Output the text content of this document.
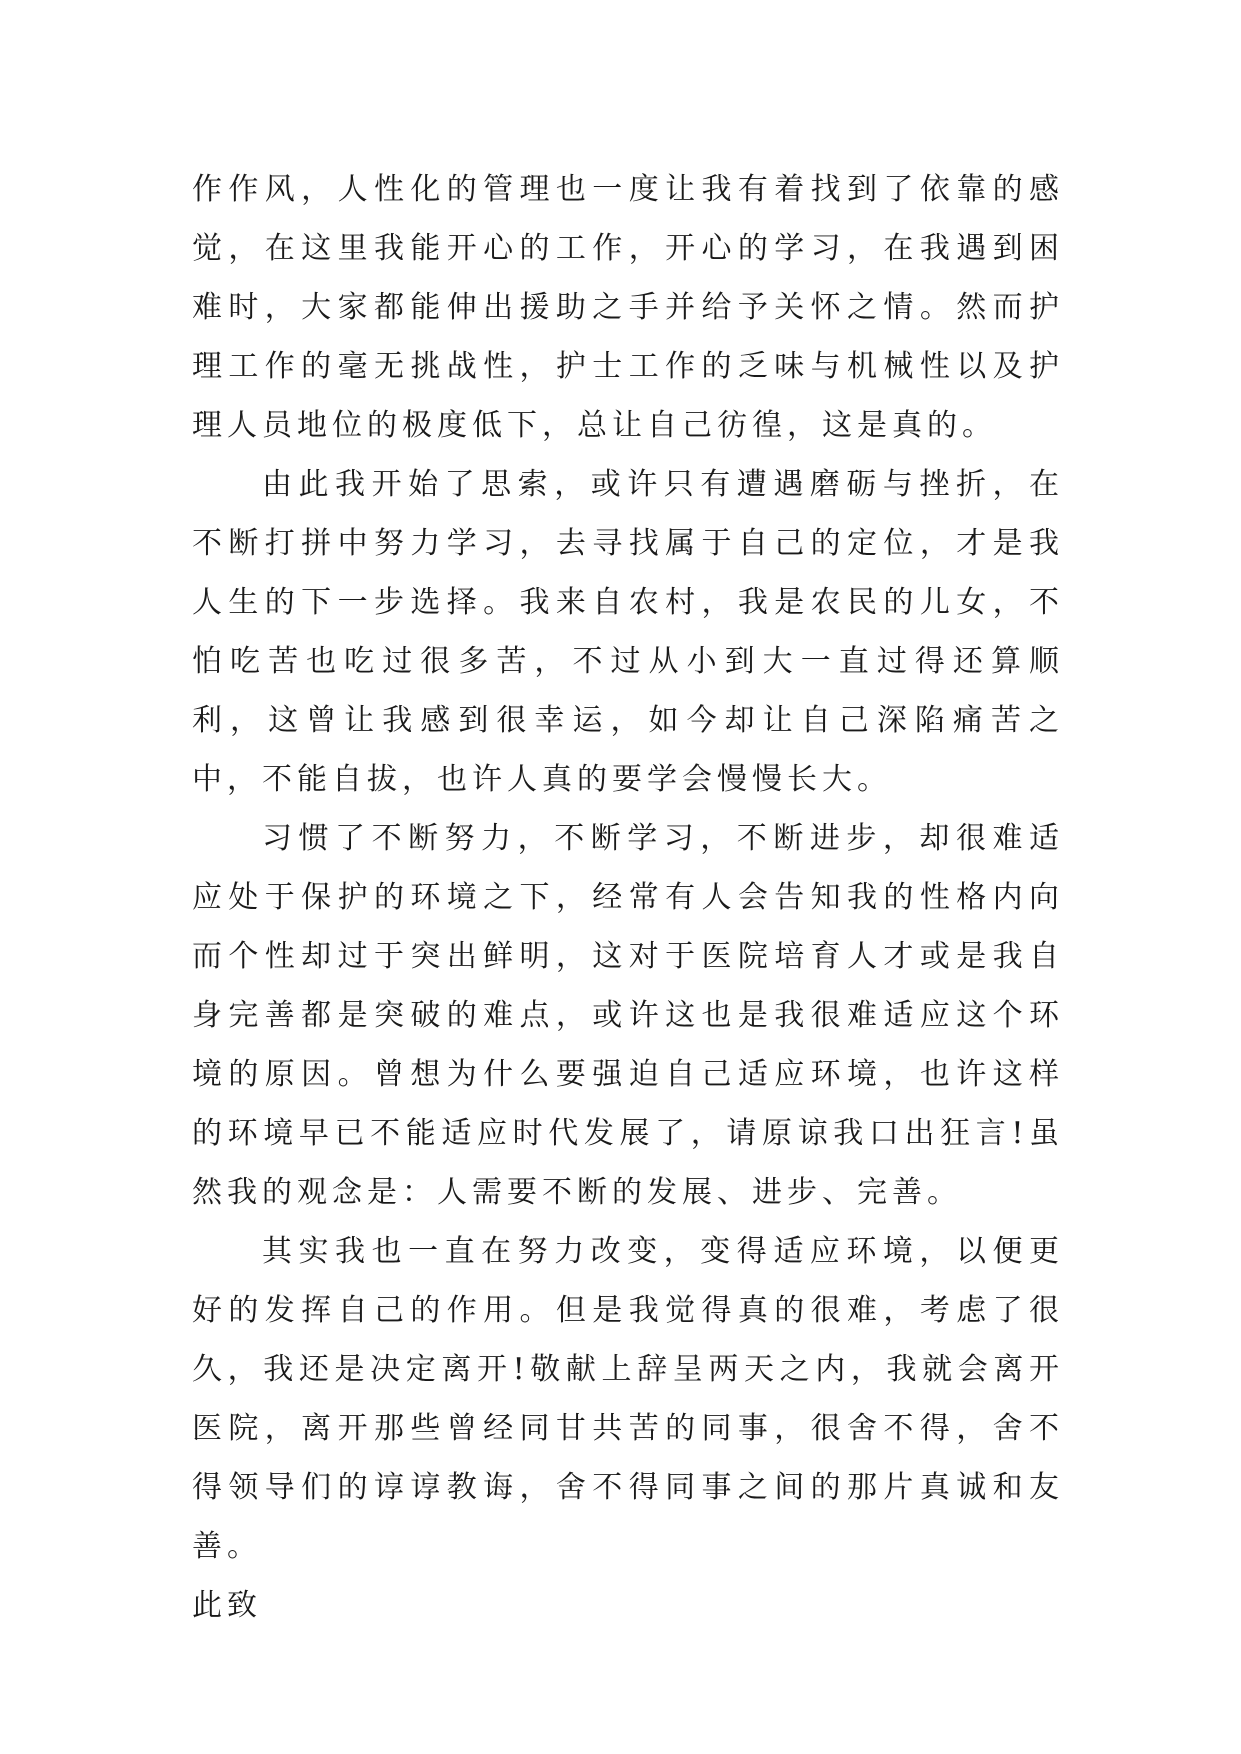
作作风，人性化的管理也一度让我有着找到了依靠的感觉，在这里我能开心的工作，开心的学习，在我遇到困难时，大家都能伸出援助之手并给予关怀之情。然而护理工作的毫无挑战性，护士工作的乏味与机械性以及护理人员地位的极度低下，总让自己彷徨，这是真的。

由此我开始了思索，或许只有遭遇磨砺与挫折，在不断打拼中努力学习，去寻找属于自己的定位，才是我人生的下一步选择。我来自农村，我是农民的儿女，不怕吃苦也吃过很多苦，不过从小到大一直过得还算顺利，这曾让我感到很幸运，如今却让自己深陷痛苦之中，不能自拔，也许人真的要学会慢慢长大。

习惯了不断努力，不断学习，不断进步，却很难适应处于保护的环境之下，经常有人会告知我的性格内向而个性却过于突出鲜明，这对于医院培育人才或是我自身完善都是突破的难点，或许这也是我很难适应这个环境的原因。曾想为什么要强迫自己适应环境，也许这样的环境早已不能适应时代发展了，请原谅我口出狂言!虽然我的观念是：人需要不断的发展、进步、完善。

其实我也一直在努力改变，变得适应环境，以便更好的发挥自己的作用。但是我觉得真的很难，考虑了很久，我还是决定离开!敬献上辞呈两天之内，我就会离开医院，离开那些曾经同甘共苦的同事，很舍不得，舍不得领导们的谆谆教诲，舍不得同事之间的那片真诚和友善。

此致
